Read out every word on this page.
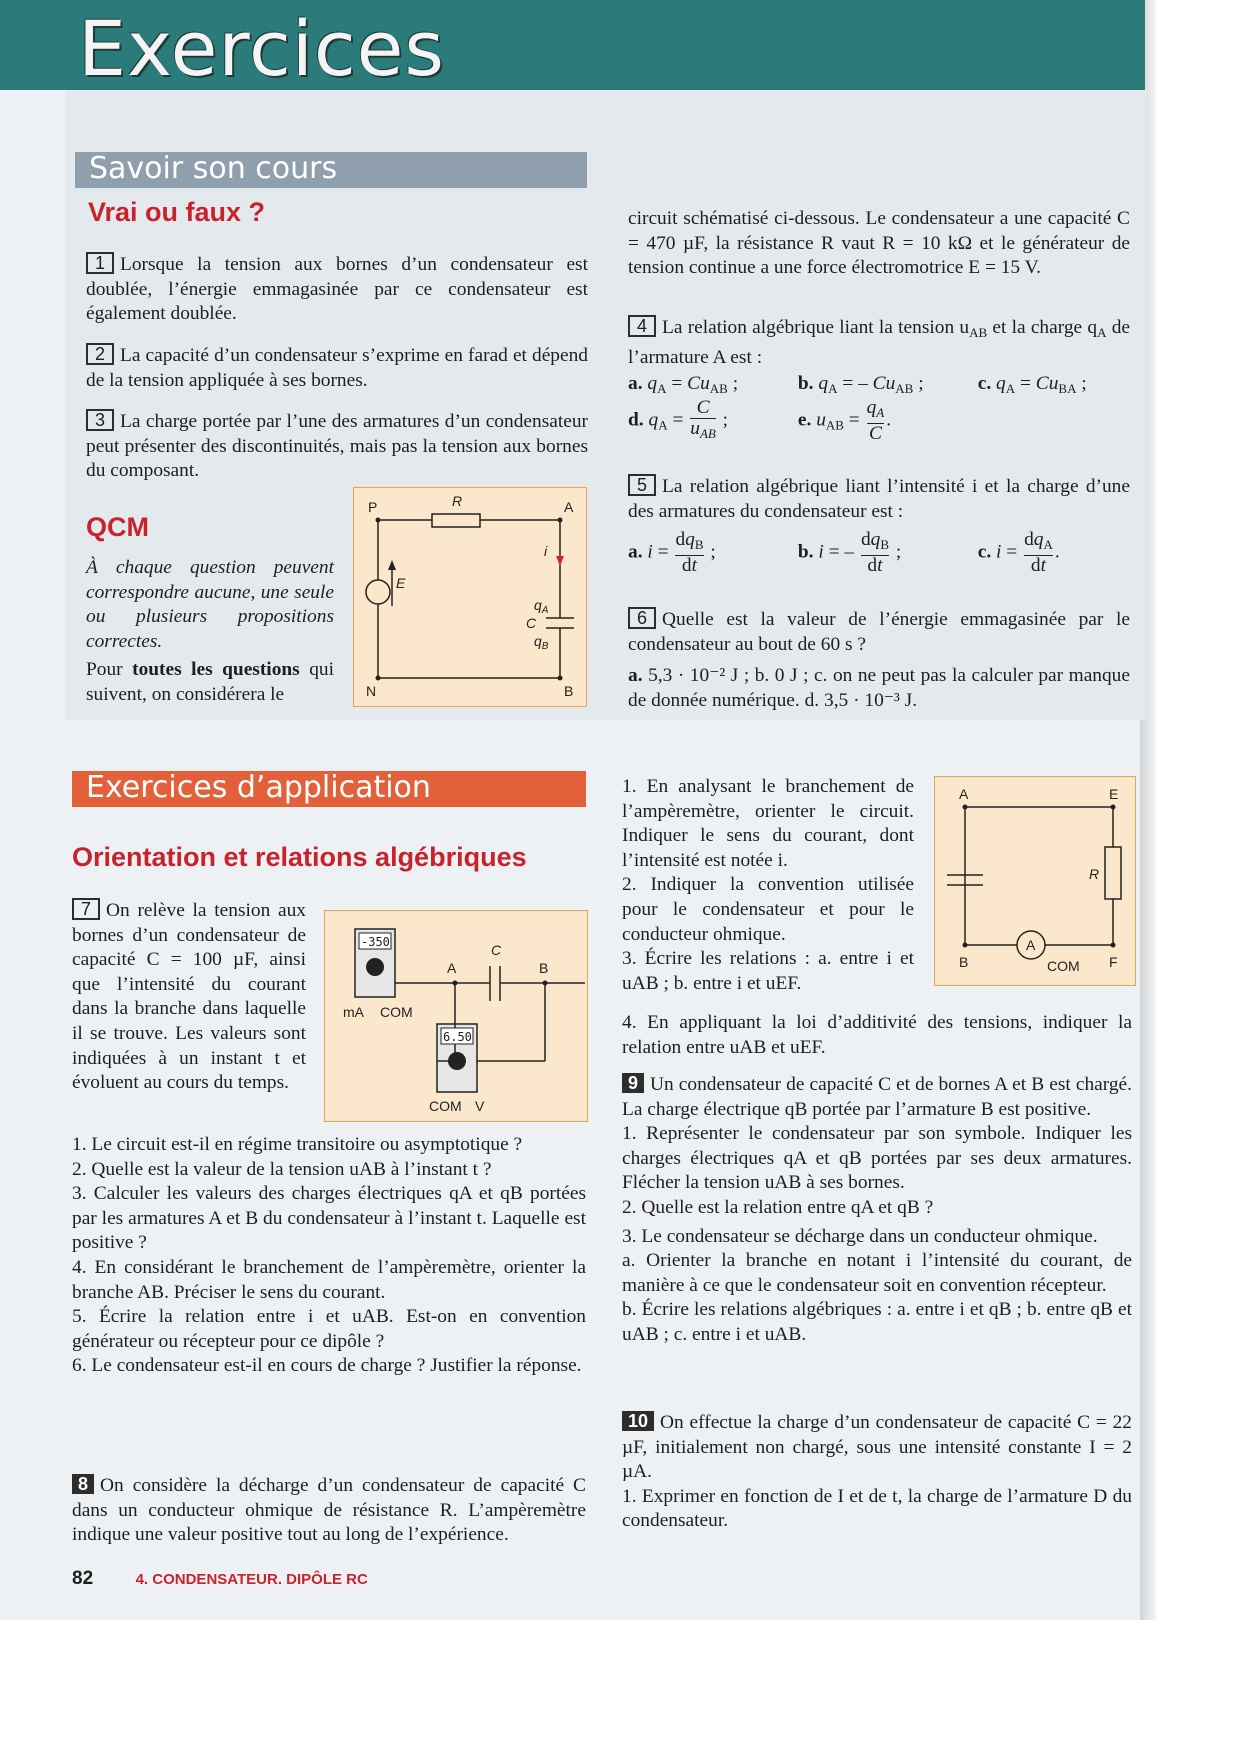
Exercices
Savoir son cours
Vrai ou faux ?
1 Lorsque la tension aux bornes d’un condensateur est doublée, l’énergie emmagasinée par ce condensateur est également doublée.
2 La capacité d’un condensateur s’exprime en farad et dépend de la tension appliquée à ses bornes.
3 La charge portée par l’une des armatures d’un condensateur peut présenter des discontinuités, mais pas la tension aux bornes du composant.
QCM
À chaque question peuvent correspondre aucune, une seule ou plusieurs propositions correctes.
Pour toutes les questions qui suivent, on considérera le
P	R	A
i
E
$q_A$
C
$q_B$
N	B
circuit schématisé ci-dessous. Le condensateur a une capacité C = 470 µF, la résistance R vaut R = 10 kΩ et le générateur de tension continue a une force électromotrice E = 15 V.
4 La relation algébrique liant la tension $u_{AB}$ et la charge $q_A$ de l’armature A est :
a. $q_A = Cu_{AB}$ ;	b. $q_A$ = – $Cu_{AB}$ ;	c. $q_A = Cu_{BA}$ ;
d. $q_A = \frac{C}{u_{AB}}$ ;	e. $u_{AB} = \frac{q_A}{C}$ .
5 La relation algébrique liant l’intensité i et la charge d’une des armatures du condensateur est :
a. $i = \frac{dq_B}{dt}$ ;	b. i = – $\frac{dq_B}{dt}$ ;	c. $i = \frac{dq_A}{dt}$ .
6 Quelle est la valeur de l’énergie emmagasinée par le condensateur au bout de 60 s ?
a. 5,3 · 10⁻² J ; b. 0 J ; c. on ne peut pas la calculer par manque de donnée numérique. d. 3,5 · 10⁻³ J.
Exercices d’application
Orientation et relations algébriques
7 On relève la tension aux bornes d’un condensateur de capacité C = 100 µF, ainsi que l’intensité du courant dans la branche dans laquelle il se trouve. Les valeurs sont indiquées à un instant t et évoluent au cours du temps.
-350
6.50
mA COM
A
C
B
COM V

1. Le circuit est-il en régime transitoire ou asymptotique ?

2. Quelle est la valeur de la tension uAB à l’instant t ?

3. Calculer les valeurs des charges électriques qA et qB portées par les armatures A et B du condensateur à l’instant t. Laquelle est positive ?

4. En considérant le branchement de l’ampèremètre, orienter la branche AB. Préciser le sens du courant.

5. Écrire la relation entre i et uAB. Est-on en convention générateur ou récepteur pour ce dipôle ?

6. Le condensateur est-il en cours de charge ? Justifier la réponse.

8 On considère la décharge d’un condensateur de capacité C dans un conducteur ohmique de résistance R. L’ampèremètre indique une valeur positive tout au long de l’expérience.

1. En analysant le branchement de l’ampèremètre, orienter le circuit. Indiquer le sens du courant, dont l’intensité est notée i.

2. Indiquer la convention utilisée pour le condensateur et pour le conducteur ohmique.

3. Écrire les relations : a. entre i et uAB ; b. entre i et uEF.

4. En appliquant la loi d’additivité des tensions, indiquer la relation entre uAB et uEF.

A	E
R
B
A
COM F

9 Un condensateur de capacité C et de bornes A et B est chargé. La charge électrique qB portée par l’armature B est positive.

1. Représenter le condensateur par son symbole. Indiquer les charges électriques qA et qB portées par ses deux armatures. Flécher la tension uAB à ses bornes.

2. Quelle est la relation entre qA et qB ?

3. Le condensateur se décharge dans un conducteur ohmique.

a. Orienter la branche en notant i l’intensité du courant, de manière à ce que le condensateur soit en convention récepteur.

b. Écrire les relations algébriques : a. entre i et qB ; b. entre qB et uAB ; c. entre i et uAB.

10 On effectue la charge d’un condensateur de capacité C = 22 µF, initialement non chargé, sous une intensité constante I = 2 µA.

1. Exprimer en fonction de I et de t, la charge de l’armature D du condensateur.

82	4. CONDENSATEUR. DIPÔLE RC
